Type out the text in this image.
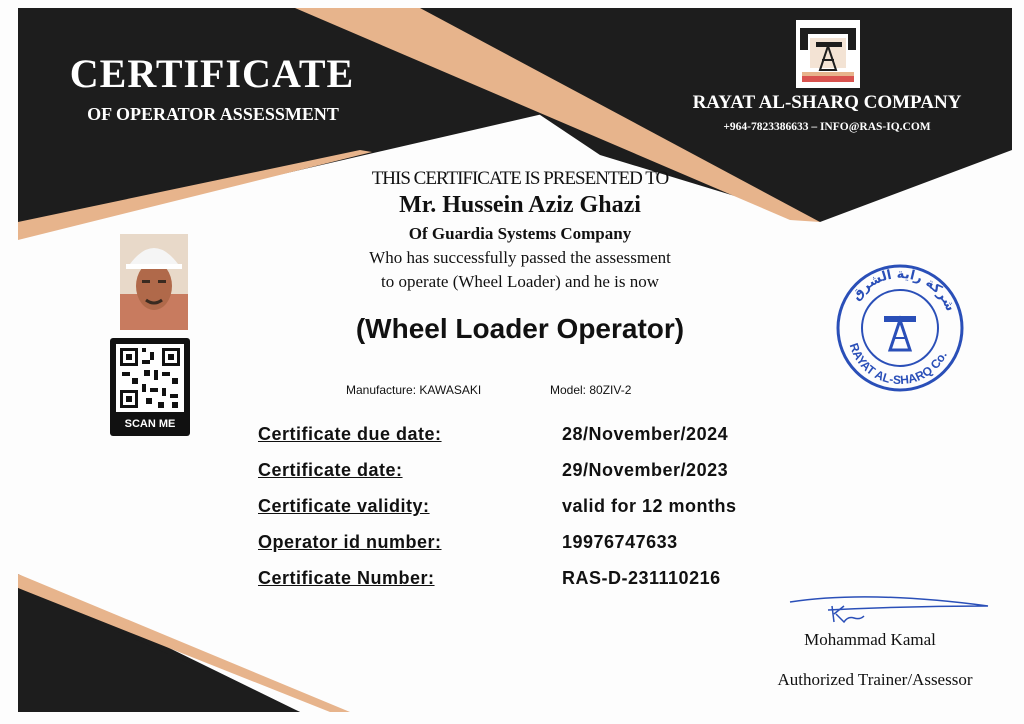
CERTIFICATE
OF OPERATOR ASSESSMENT
RAYAT AL-SHARQ COMPANY
+964-7823386633 – INFO@RAS-IQ.COM
SCAN ME
THIS CERTIFICATE IS PRESENTED TO
Mr. Hussein Aziz Ghazi
Of Guardia Systems Company
Who has successfully passed the assessment
to operate (Wheel Loader) and he is now
(Wheel Loader Operator)
Manufacture: KAWASAKI	Model: 80ZIV-2
Certificate due date:	28/November/2024
Certificate date:	29/November/2023
Certificate validity:	valid for 12 months
Operator id number:	19976747633
Certificate Number:	RAS-D-231110216
شركة راية الشرق
RAYAT AL-SHARQ Co.
Mohammad Kamal
Authorized Trainer/Assessor
